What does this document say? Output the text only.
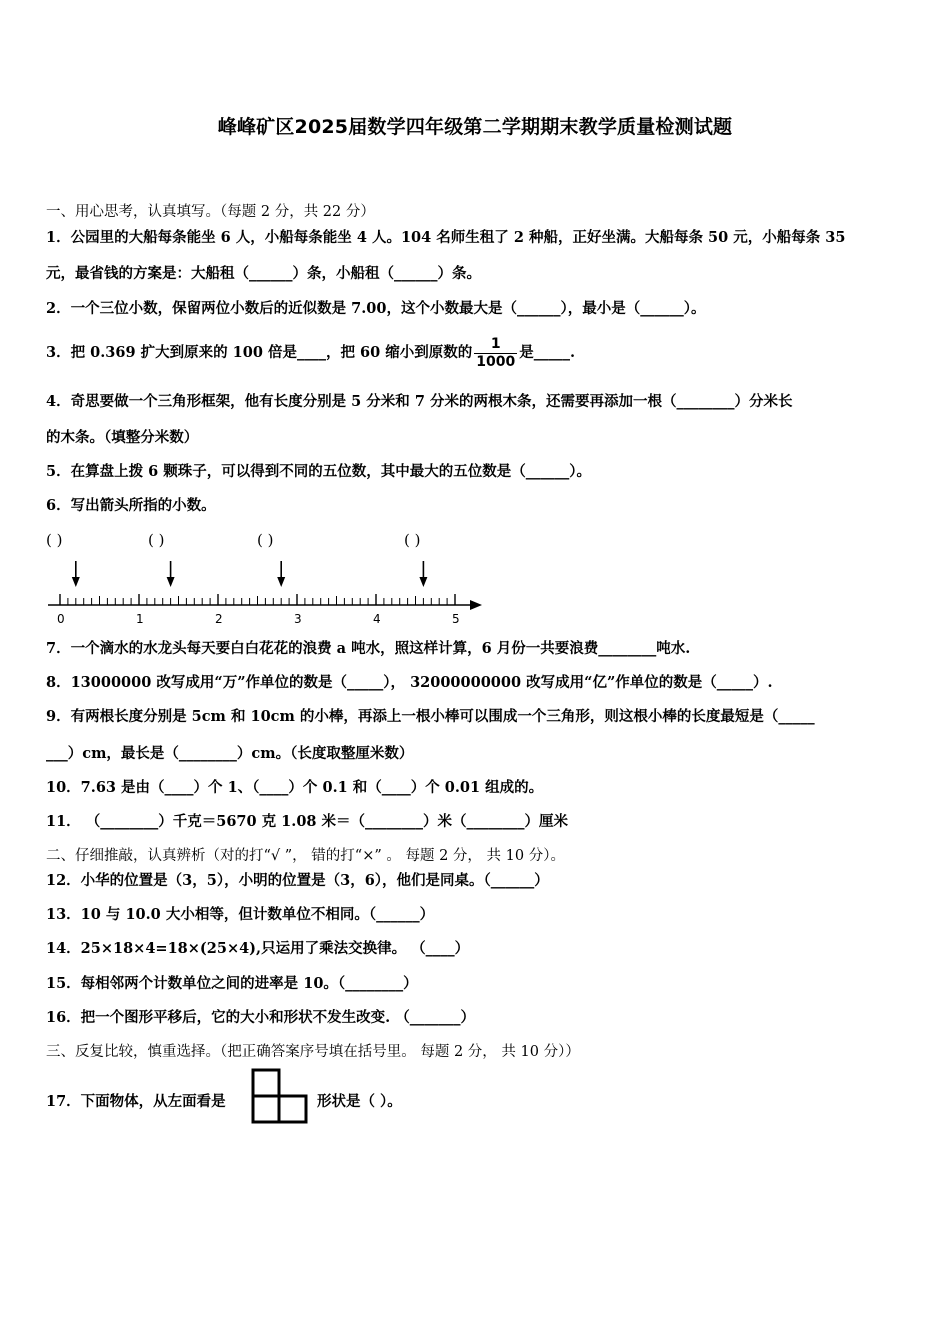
峰峰矿区2025届数学四年级第二学期期末教学质量检测试题
一、用心思考，认真填写。（每题 2 分，共 22 分）
1．公园里的大船每条能坐 6 人，小船每条能坐 4 人。104 名师生租了 2 种船，正好坐满。大船每条 50 元，小船每条 35
元，最省钱的方案是：大船租（______）条，小船租（______）条。
2．一个三位小数，保留两位小数后的近似数是 7.00，这个小数最大是（______），最小是（______）。
3．把 0.369 扩大到原来的 100 倍是____，把 60 缩小到原数的 $\frac{1}{1000}$ 是_____.
4．奇思要做一个三角形框架，他有长度分别是 5 分米和 7 分米的两根木条，还需要再添加一根（________）分米长
的木条。（填整分米数）
5．在算盘上拨 6 颗珠子，可以得到不同的五位数，其中最大的五位数是（______）。
6．写出箭头所指的小数。
( )	( )	( )	( )
0	1	2	3	4	5
7．一个滴水的水龙头每天要白白花花的浪费 a 吨水，照这样计算，6 月份一共要浪费________吨水.
8．13000000 改写成用“万”作单位的数是（_____）， 32000000000 改写成用“亿”作单位的数是（_____）.
9．有两根长度分别是 5cm 和 10cm 的小棒，再添上一根小棒可以围成一个三角形，则这根小棒的长度最短是（_____
___）cm，最长是（________）cm。（长度取整厘米数）
10．7.63 是由（____）个 1、（____）个 0.1 和（____）个 0.01 组成的。
11． （________）千克＝5670 克 1.08 米＝（________）米（________）厘米
二、仔细推敲，认真辨析（对的打“√ ”， 错的打“×” 。 每题 2 分， 共 10 分）。
12．小华的位置是（3，5），小明的位置是（3，6），他们是同桌。（______）
13．10 与 10.0 大小相等，但计数单位不相同。（______）
14．25×18×4=18×(25×4),只运用了乘法交换律。 （____）
15．每相邻两个计数单位之间的进率是 10。（________）
16．把一个图形平移后，它的大小和形状不发生改变. （_______）
三、反复比较，慎重选择。（把正确答案序号填在括号里。 每题 2 分， 共 10 分））
17．下面物体，从左面看是	形状是（ ）。
